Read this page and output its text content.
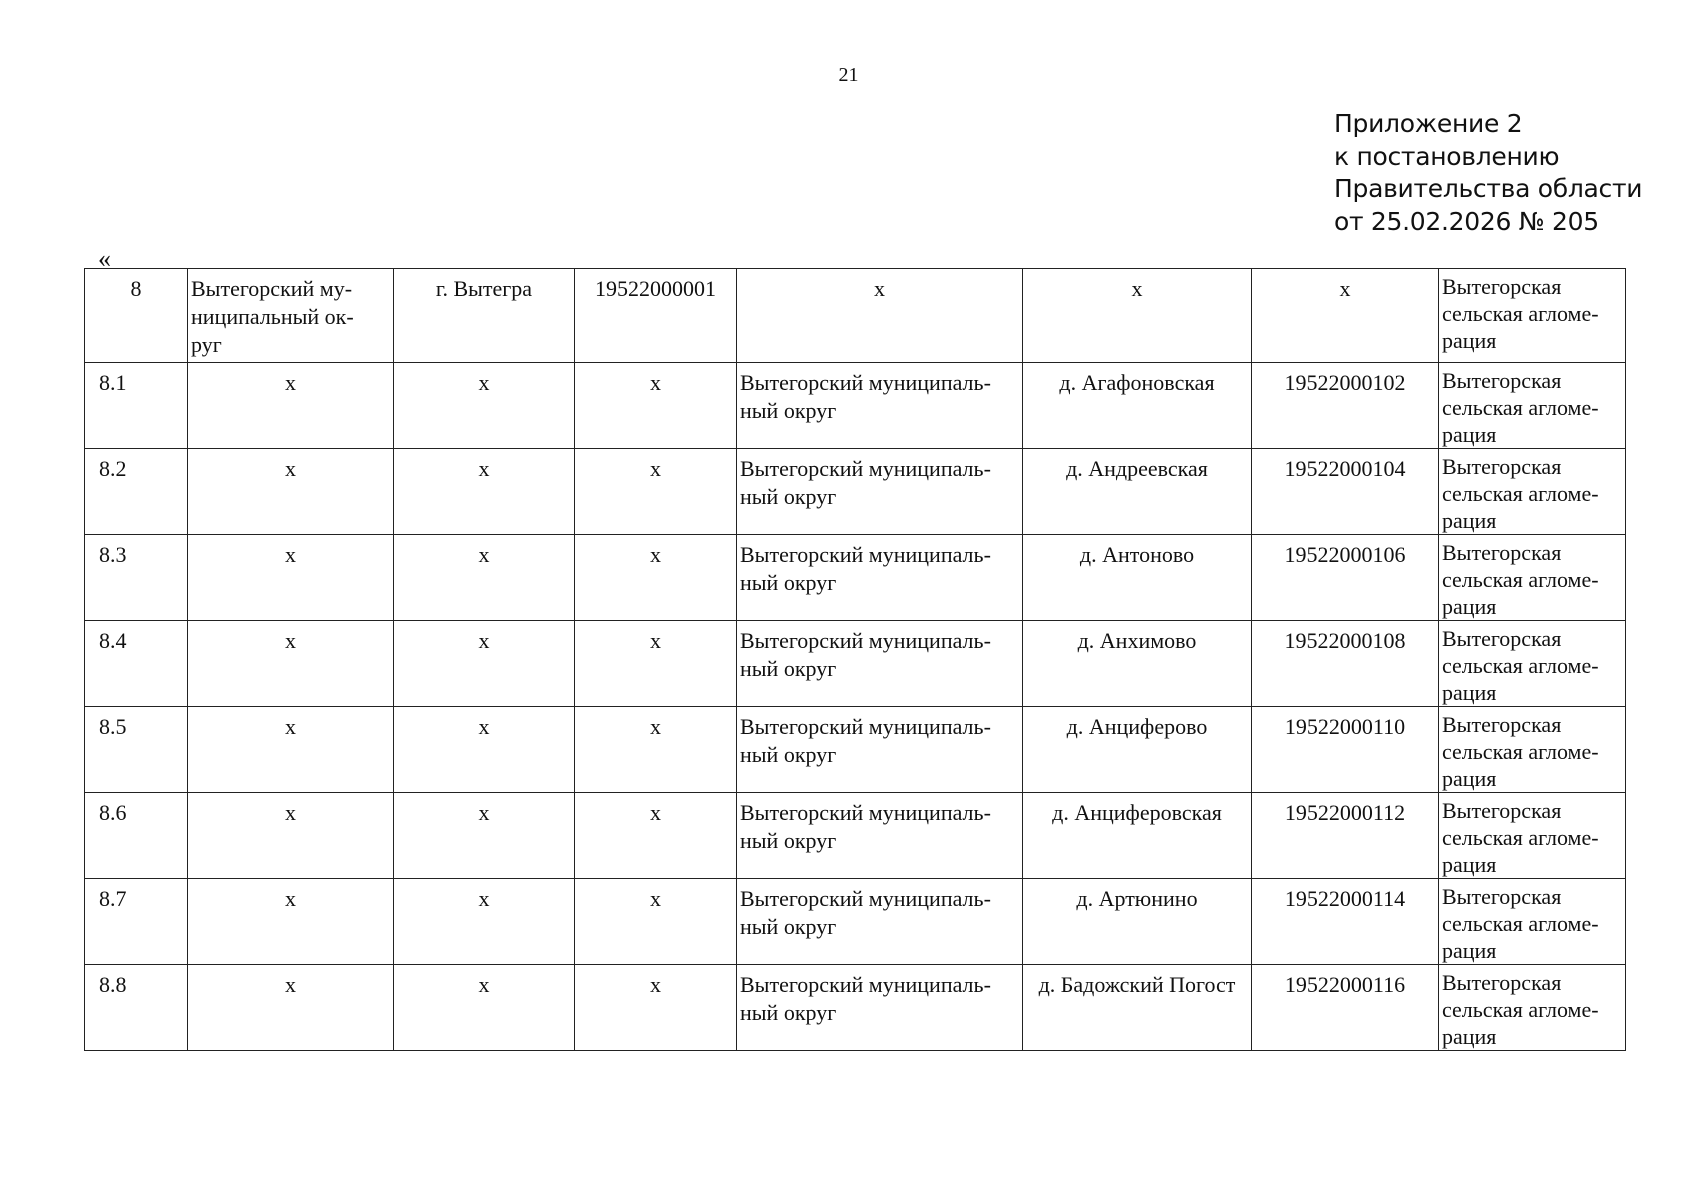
21
Приложение 2
к постановлению
Правительства области
от 25.02.2026 № 205
«
8	Вытегорский му-
ниципальный ок-
руг	г. Вытегра	19522000001	х	х	х	Вытегорская
сельская агломе-
рация
8.1	х	х	х	Вытегорский муниципаль-
ный округ	д. Агафоновская	19522000102	Вытегорская
сельская агломе-
рация
8.2	х	х	х	Вытегорский муниципаль-
ный округ	д. Андреевская	19522000104	Вытегорская
сельская агломе-
рация
8.3	х	х	х	Вытегорский муниципаль-
ный округ	д. Антоново	19522000106	Вытегорская
сельская агломе-
рация
8.4	х	х	х	Вытегорский муниципаль-
ный округ	д. Анхимово	19522000108	Вытегорская
сельская агломе-
рация
8.5	х	х	х	Вытегорский муниципаль-
ный округ	д. Анциферово	19522000110	Вытегорская
сельская агломе-
рация
8.6	х	х	х	Вытегорский муниципаль-
ный округ	д. Анциферовская	19522000112	Вытегорская
сельская агломе-
рация
8.7	х	х	х	Вытегорский муниципаль-
ный округ	д. Артюнино	19522000114	Вытегорская
сельская агломе-
рация
8.8	х	х	х	Вытегорский муниципаль-
ный округ	д. Бадожский Погост	19522000116	Вытегорская
сельская агломе-
рация
